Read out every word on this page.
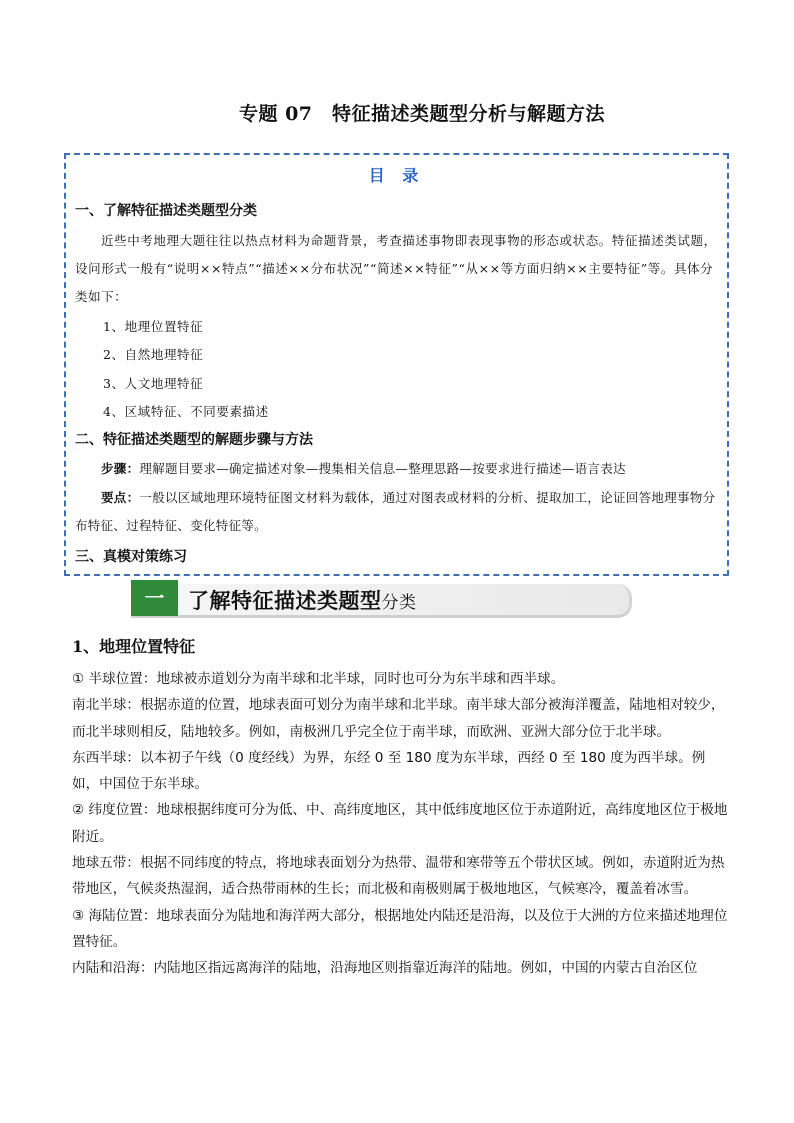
专题 07　特征描述类题型分析与解题方法
目 录
一、了解特征描述类题型分类
近些中考地理大题往往以热点材料为命题背景，考查描述事物即表现事物的形态或状态。特征描述类试题，设问形式一般有“说明××特点”“描述××分布状况”“简述××特征”“从××等方面归纳××主要特征”等。具体分类如下：
1、地理位置特征
2、自然地理特征
3、人文地理特征
4、区域特征、不同要素描述
二、特征描述类题型的解题步骤与方法
步骤：理解题目要求—确定描述对象—搜集相关信息—整理思路—按要求进行描述—语言表达
要点：一般以区域地理环境特征图文材料为载体，通过对图表或材料的分析、提取加工，论证回答地理事物分布特征、过程特征、变化特征等。
三、真模对策练习
一	了解特征描述类题型分类
1、地理位置特征

① 半球位置：地球被赤道划分为南半球和北半球，同时也可分为东半球和西半球。

南北半球：根据赤道的位置，地球表面可划分为南半球和北半球。南半球大部分被海洋覆盖，陆地相对较少，而北半球则相反，陆地较多。例如，南极洲几乎完全位于南半球，而欧洲、亚洲大部分位于北半球。

东西半球：以本初子午线（0 度经线）为界，东经 0 至 180 度为东半球，西经 0 至 180 度为西半球。例如，中国位于东半球。

② 纬度位置：地球根据纬度可分为低、中、高纬度地区，其中低纬度地区位于赤道附近，高纬度地区位于极地附近。

地球五带：根据不同纬度的特点，将地球表面划分为热带、温带和寒带等五个带状区域。例如，赤道附近为热带地区，气候炎热湿润，适合热带雨林的生长；而北极和南极则属于极地地区，气候寒冷，覆盖着冰雪。

③ 海陆位置：地球表面分为陆地和海洋两大部分，根据地处内陆还是沿海，以及位于大洲的方位来描述地理位置特征。

内陆和沿海：内陆地区指远离海洋的陆地，沿海地区则指靠近海洋的陆地。例如，中国的内蒙古自治区位
